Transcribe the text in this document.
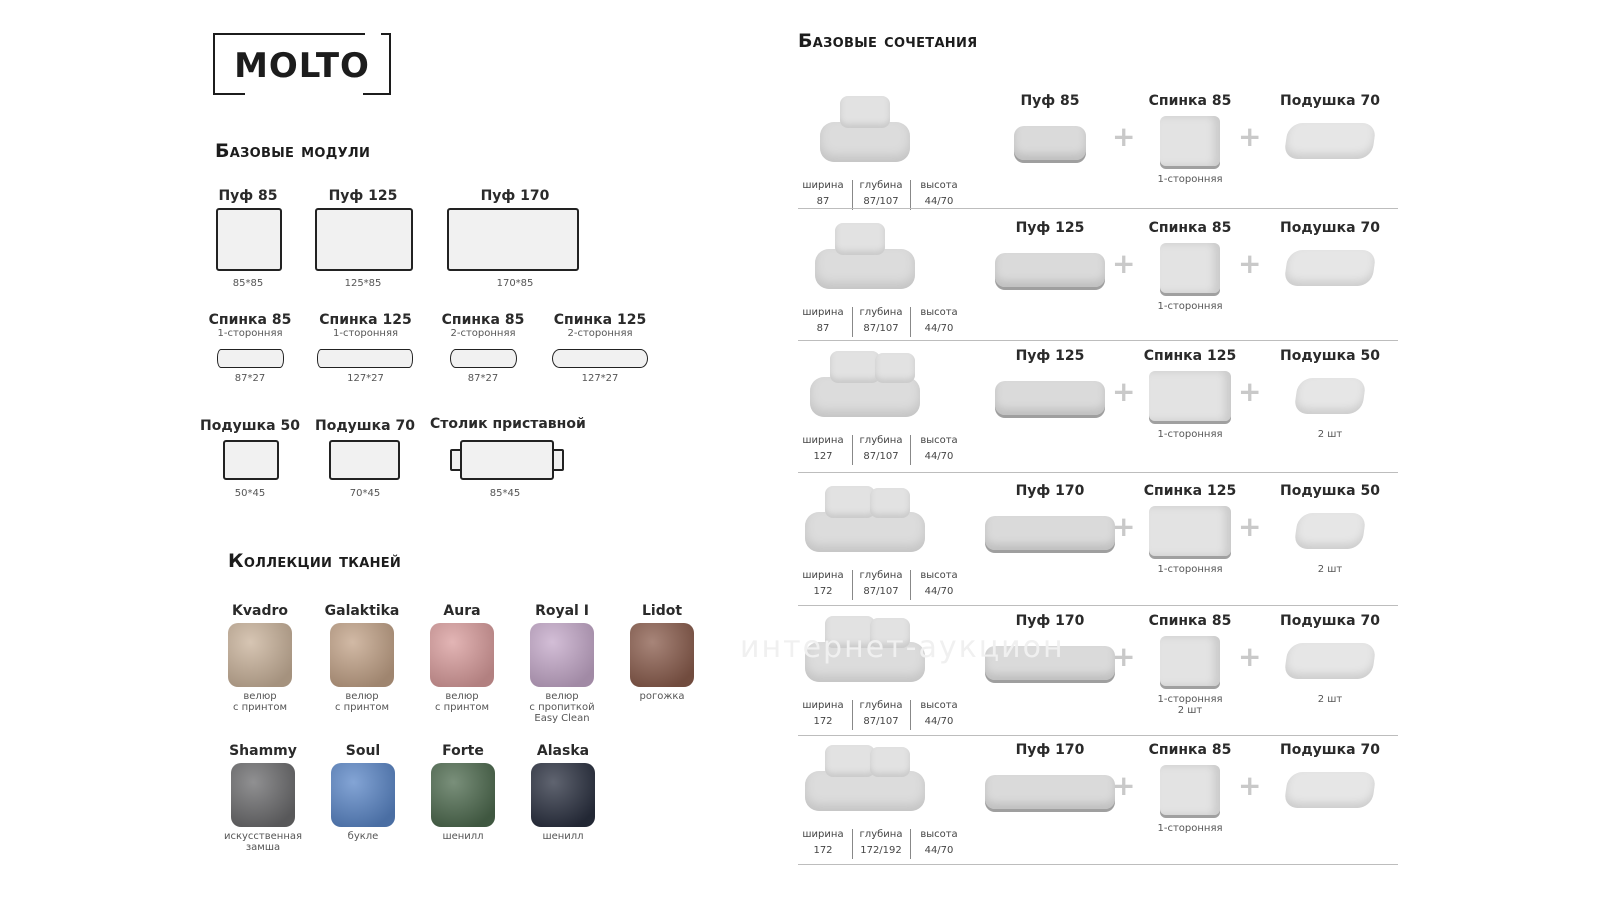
MOLTO
Базовые модули
Пуф 85
85*85
Пуф 125
125*85
Пуф 170
170*85
Спинка 85
1-сторонняя
87*27
Спинка 125
1-сторонняя
127*27
Спинка 85
2-сторонняя
87*27
Спинка 125
2-сторонняя
127*27
Подушка 50
50*45
Подушка 70
70*45
Столик приставной
85*45
Коллекции тканей
Kvadro
велюр
с принтом
Galaktika
велюр
с принтом
Aura
велюр
с принтом
Royal I
велюр
с пропиткой
Easy Clean
Lidot
рогожка
Shammy
искусственная
замша
Soul
букле
Forte
шенилл
Alaska
шенилл
Базовые сочетания
ширина
87
глубина
87/107
высота
44/70
Пуф 85
+
Спинка 85
1-сторонняя
+
Подушка 70
ширина
87
глубина
87/107
высота
44/70
Пуф 125
+
Спинка 85
1-сторонняя
+
Подушка 70
ширина
127
глубина
87/107
высота
44/70
Пуф 125
+
Спинка 125
1-сторонняя
+
Подушка 50
2 шт
ширина
172
глубина
87/107
высота
44/70
Пуф 170
+
Спинка 125
1-сторонняя
+
Подушка 50
2 шт
ширина
172
глубина
87/107
высота
44/70
Пуф 170
+
Спинка 85
1-сторонняя
2 шт
+
Подушка 70
2 шт
ширина
172
глубина
172/192
высота
44/70
Пуф 170
+
Спинка 85
1-сторонняя
+
Подушка 70
интернет-аукцион
